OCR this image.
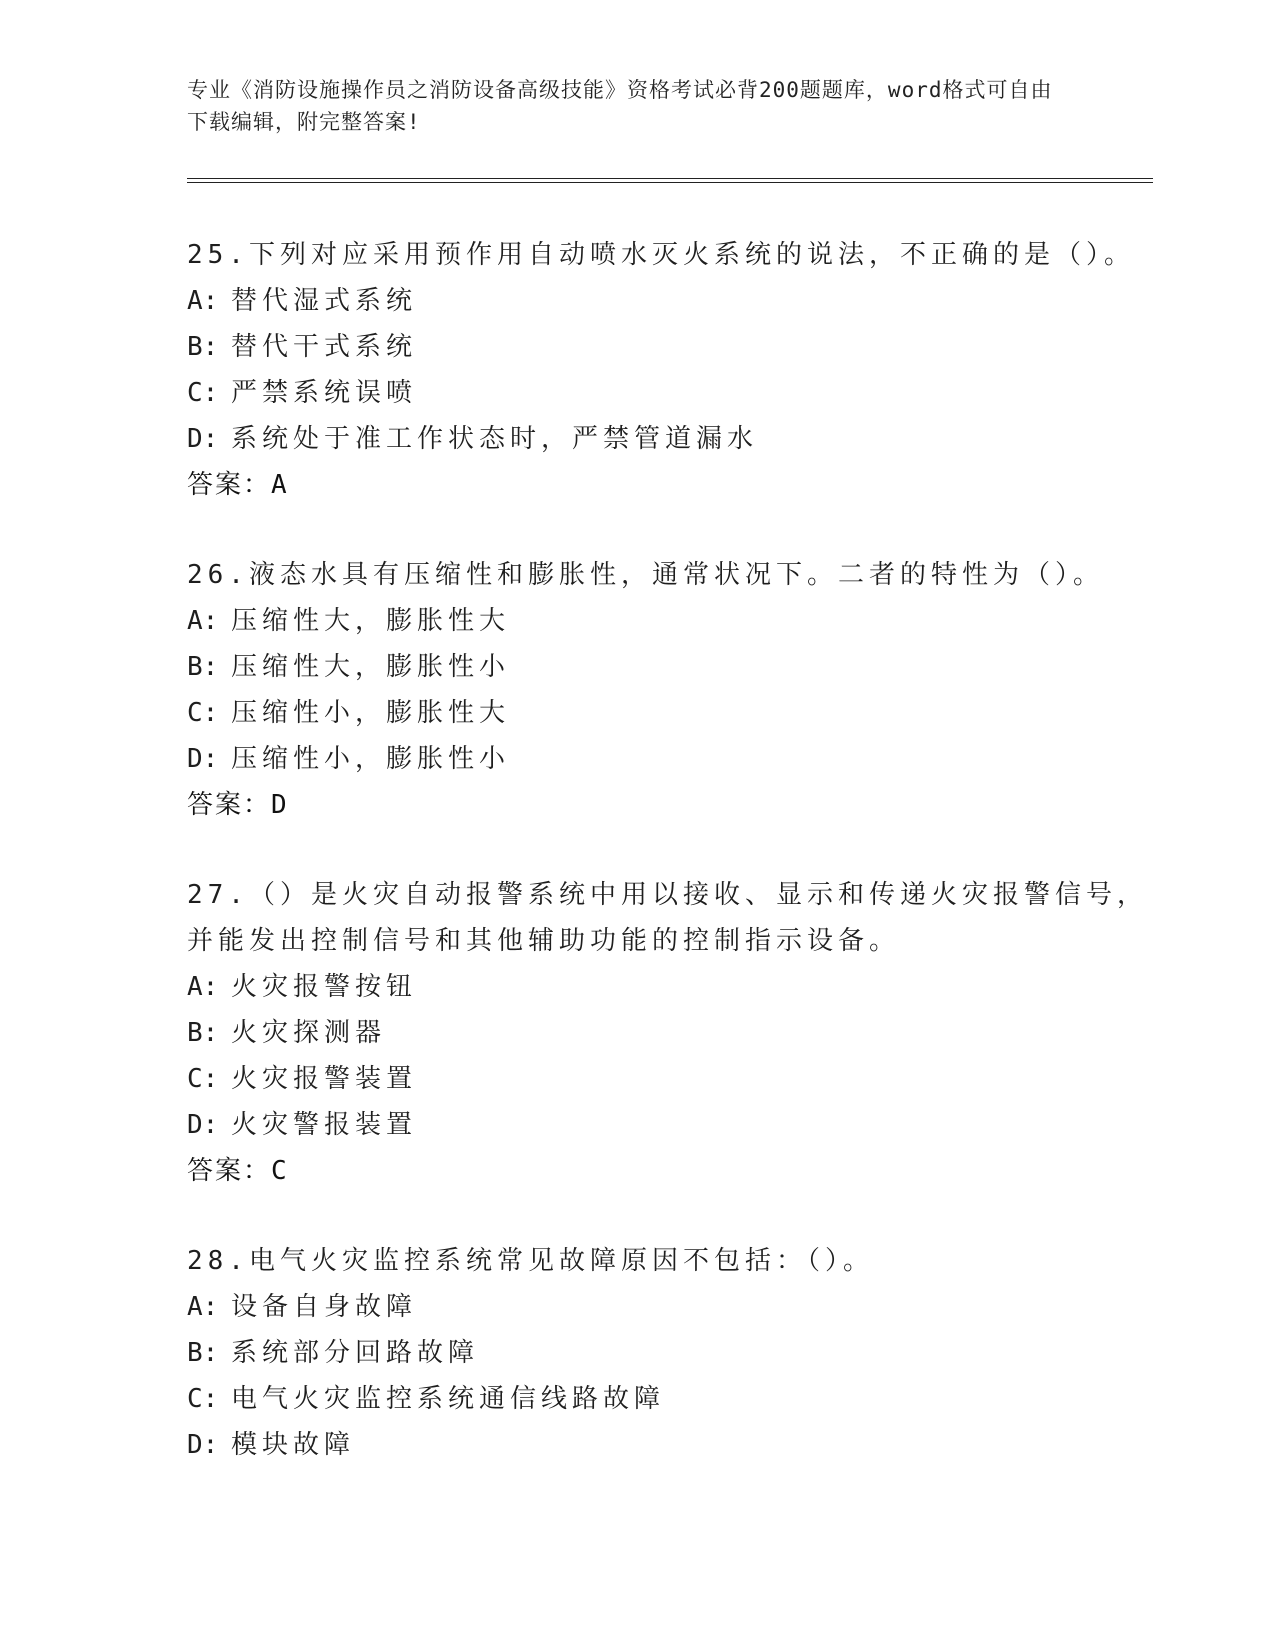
专业《消防设施操作员之消防设备高级技能》资格考试必背200题题库，word格式可自由下载编辑，附完整答案!
25.下列对应采用预作用自动喷水灭火系统的说法，不正确的是（）。
A: 替代湿式系统
B: 替代干式系统
C: 严禁系统误喷
D: 系统处于准工作状态时，严禁管道漏水
答案：A
26.液态水具有压缩性和膨胀性，通常状况下。二者的特性为（）。
A: 压缩性大，膨胀性大
B: 压缩性大，膨胀性小
C: 压缩性小，膨胀性大
D: 压缩性小，膨胀性小
答案：D
27.（）是火灾自动报警系统中用以接收、显示和传递火灾报警信号，
并能发出控制信号和其他辅助功能的控制指示设备。
A: 火灾报警按钮
B: 火灾探测器
C: 火灾报警装置
D: 火灾警报装置
答案：C
28.电气火灾监控系统常见故障原因不包括：（）。
A: 设备自身故障
B: 系统部分回路故障
C: 电气火灾监控系统通信线路故障
D: 模块故障
